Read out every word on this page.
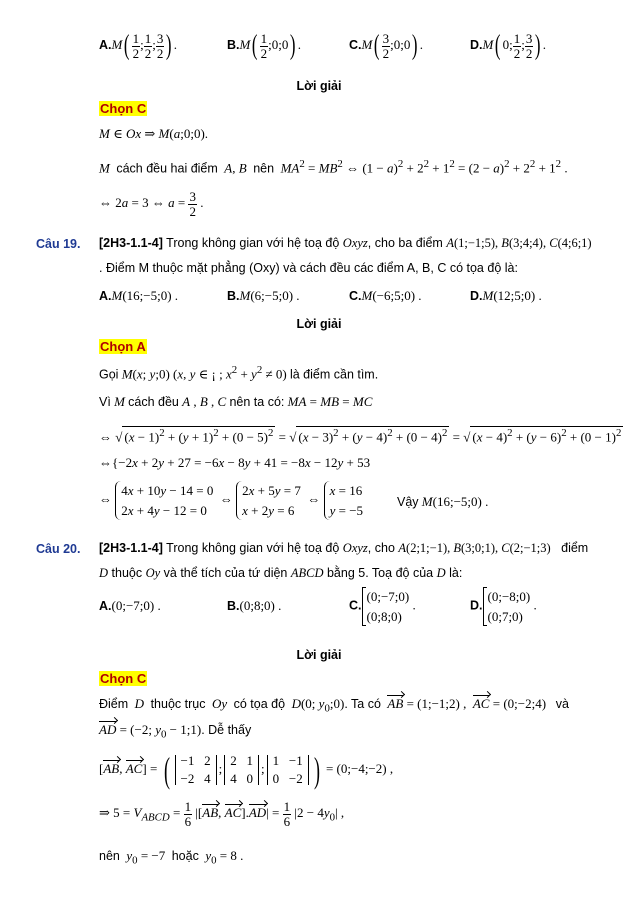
$A.M( \frac{1}{2}$ ; $\frac{1}{2}$ ; $\frac{3}{2}$ ) .	$B.M( \frac{1}{2}$ ;0;0) .	$C.M( \frac{3}{2}$ ;0;0) .	D.M( 0; $\frac{1}{2}$ ; $\frac{3}{2}$ ) .
Lời giải
Chọn C
M ∈ Ox ⇒ M(a;0;0).
M cách đều hai điểm A, B nên $MA^2 = MB^2$ ⇔ $(1 - a)^2 + 2^2 + 1^2 = (2 - a)^2 + 2^2 + 1^2$ .
⇔ 2a = 3 ⇔ $a = \frac{3}{2}$ .
Câu 19. [2H3-1.1-4] Trong không gian với hệ toạ độ Oxyz, cho ba điểm A(1;−1;5), B(3;4;4), C(4;6;1)
. Điểm M thuộc mặt phẳng (Oxy) và cách đều các điểm A, B, C có tọa độ là:
A.M(16;−5;0) .	B.M(6;−5;0) .	C.M(−6;5;0) .	D.M(12;5;0) .
Lời giải
Chọn A
Gọi M(x; y;0) (x, y ∈ ¡ ; $x^2 + y^2 \ne 0$) là điểm cần tìm.
Vì M cách đều A , B , C nên ta có: MA = MB = MC
⇔ √ $(x - 1)^2 + (y + 1)^2 + (0 - 5)^2$ = √ $(x - 3)^2 + (y - 4)^2 + (0 - 4)^2$ = √ $(x - 4)^2 + (y - 6)^2 + (0 - 1)^2$
⇔{−2x + 2y + 27 = −6x − 8y + 41 = −8x − 12y + 53
⇔ 4x + 10y − 14 = 0
2x + 4y − 12 = 0  ⇔ 2x + 5y = 7
x + 2y = 6  ⇔ x = 16
y = −5
Vậy M(16;−5;0) .
Câu 20. [2H3-1.1-4] Trong không gian với hệ toạ độ Oxyz, cho A(2;1;−1), B(3;0;1), C(2;−1;3) điểm
D thuộc Oy và thể tích của tứ diện ABCD bằng 5. Toạ độ của D là:
A.(0;−7;0) .	B.(0;8;0) .	C.(0;−7;0)
(0;8;0) .	D.(0;−8;0)
(0;7;0) .
Lời giải
Chọn C
Điểm D thuộc trục Oy có tọa độ D(0; $y_0;0$). Ta có AB = (1;−1;2) ,  AC = (0;−2;4)   và
AD = (−2; $y_0$ − 1;1). Dễ thấy
[AB, AC] = ( −1   2
−2   4;2   1
4   0;1   −1
0   −2 ) = (0;−4;−2) ,
⇒ $5 = V_{ABCD} = \frac{1}{6} |[AB$, $AC].AD| = \frac{1}{6} |2 - 4y_0|$ ,
nên $y_0 = -7$  hoặc $y_0 = 8$ .
